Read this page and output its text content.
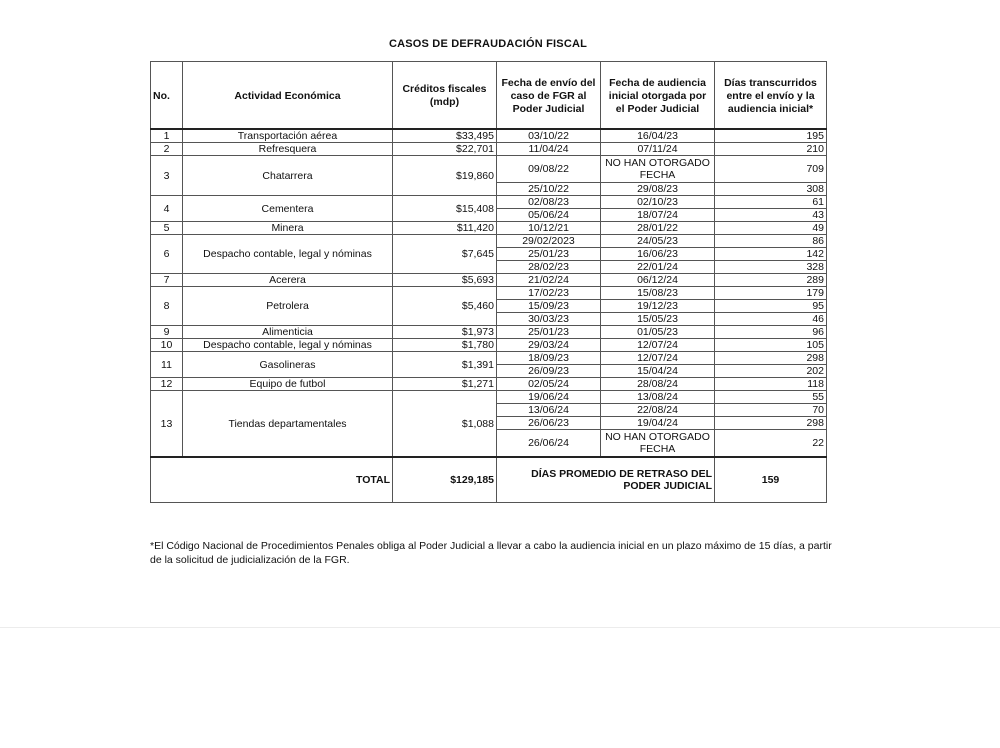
CASOS DE DEFRAUDACIÓN FISCAL
No.	Actividad Económica	Créditos fiscales (mdp)	Fecha de envío del caso de FGR al Poder Judicial	Fecha de audiencia inicial otorgada por el Poder Judicial	Días transcurridos entre el envío y la audiencia inicial*
1	Transportación aérea	$33,495	03/10/22	16/04/23	195
2	Refresquera	$22,701	11/04/24	07/11/24	210
3	Chatarrera	$19,860	09/08/22	NO HAN OTORGADO FECHA	709
			25/10/22	29/08/23	308
4	Cementera	$15,408	02/08/23	02/10/23	61
			05/06/24	18/07/24	43
5	Minera	$11,420	10/12/21	28/01/22	49
6	Despacho contable, legal y nóminas	$7,645	29/02/2023	24/05/23	86
			25/01/23	16/06/23	142
			28/02/23	22/01/24	328
7	Acerera	$5,693	21/02/24	06/12/24	289
8	Petrolera	$5,460	17/02/23	15/08/23	179
			15/09/23	19/12/23	95
			30/03/23	15/05/23	46
9	Alimenticia	$1,973	25/01/23	01/05/23	96
10	Despacho contable, legal y nóminas	$1,780	29/03/24	12/07/24	105
11	Gasolineras	$1,391	18/09/23	12/07/24	298
			26/09/23	15/04/24	202
12	Equipo de futbol	$1,271	02/05/24	28/08/24	118
13	Tiendas departamentales	$1,088	19/06/24	13/08/24	55
			13/06/24	22/08/24	70
			26/06/23	19/04/24	298
			26/06/24	NO HAN OTORGADO FECHA	22
TOTAL		$129,185	DÍAS PROMEDIO DE RETRASO DEL PODER JUDICIAL		159
*El Código Nacional de Procedimientos Penales obliga al Poder Judicial a llevar a cabo la audiencia inicial en un plazo máximo de 15 días, a partir de la solicitud de judicialización de la FGR.
